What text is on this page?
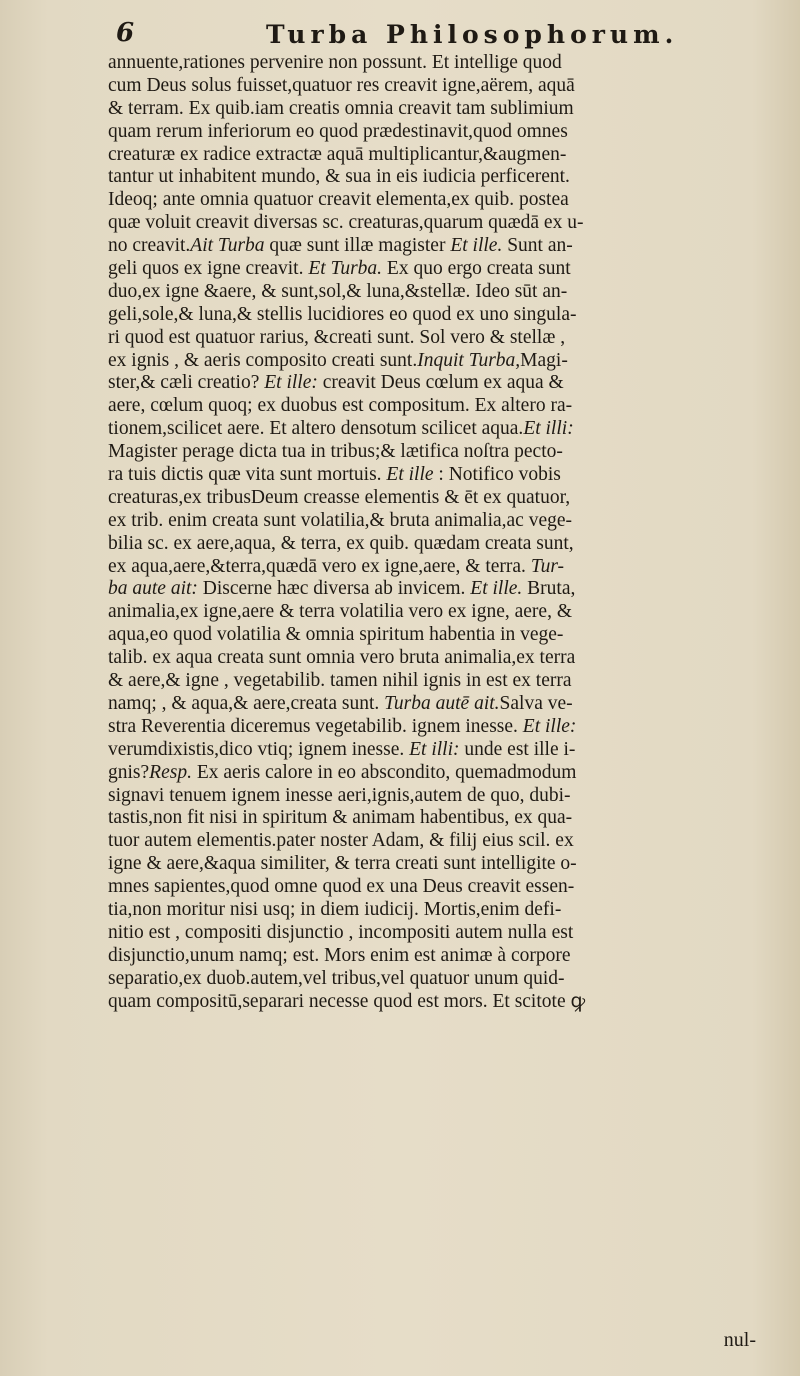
6	Turba Philosophorum.
annuente,rationes pervenire non possunt. Et intellige quod
cum Deus solus fuisset,quatuor res creavit igne,aërem, aquā
& terram. Ex quib.iam creatis omnia creavit tam sublimium
quam rerum inferiorum eo quod prædestinavit,quod omnes
creaturæ ex radice extractæ aquā multiplicantur,&augmen-
tantur ut inhabitent mundo, & sua in eis iudicia perficerent.
Ideoq; ante omnia quatuor creavit elementa,ex quib. postea
quæ voluit creavit diversas sc. creaturas,quarum quædā ex u-
no creavit.Ait Turba quæ sunt illæ magister Et ille. Sunt an-
geli quos ex igne creavit. Et Turba. Ex quo ergo creata sunt
duo,ex igne &aere, & sunt,sol,& luna,&stellæ. Ideo sūt an-
geli,sole,& luna,& stellis lucidiores eo quod ex uno singula-
ri quod est quatuor rarius, &creati sunt. Sol vero & stellæ ,
ex ignis , & aeris composito creati sunt.Inquit Turba,Magi-
ster,& cæli creatio? Et ille: creavit Deus cœlum ex aqua &
aere, cœlum quoq; ex duobus est compositum. Ex altero ra-
tionem,scilicet aere. Et altero densotum scilicet aqua.Et illi:
Magister perage dicta tua in tribus;& lætifica noſtra pecto-
ra tuis dictis quæ vita sunt mortuis. Et ille : Notifico vobis
creaturas,ex tribusDeum creasse elementis & ēt ex quatuor,
ex trib. enim creata sunt volatilia,& bruta animalia,ac vege-
bilia sc. ex aere,aqua, & terra, ex quib. quædam creata sunt,
ex aqua,aere,&terra,quædā vero ex igne,aere, & terra. Tur-
ba aute ait: Discerne hæc diversa ab invicem. Et ille. Bruta,
animalia,ex igne,aere & terra volatilia vero ex igne, aere, &
aqua,eo quod volatilia & omnia spiritum habentia in vege-
talib. ex aqua creata sunt omnia vero bruta animalia,ex terra
& aere,& igne , vegetabilib. tamen nihil ignis in est ex terra
namq; , & aqua,& aere,creata sunt. Turba autē ait.Salva ve-
stra Reverentia diceremus vegetabilib. ignem inesse. Et ille:
verumdixistis,dico vtiq; ignem inesse. Et illi: unde est ille i-
gnis?Resp. Ex aeris calore in eo abscondito, quemadmodum
signavi tenuem ignem inesse aeri,ignis,autem de quo, dubi-
tastis,non fit nisi in spiritum & animam habentibus, ex qua-
tuor autem elementis.pater noster Adam, & filij eius scil. ex
igne & aere,&aqua similiter, & terra creati sunt intelligite o-
mnes sapientes,quod omne quod ex una Deus creavit essen-
tia,non moritur nisi usq; in diem iudicij. Mortis,enim defi-
nitio est , compositi disjunctio , incompositi autem nulla est
disjunctio,unum namq; est. Mors enim est animæ à corpore
separatio,ex duob.autem,vel tribus,vel quatuor unum quid-
quam compositū,separari necesse quod est mors. Et scitote ꝙ
nul-
